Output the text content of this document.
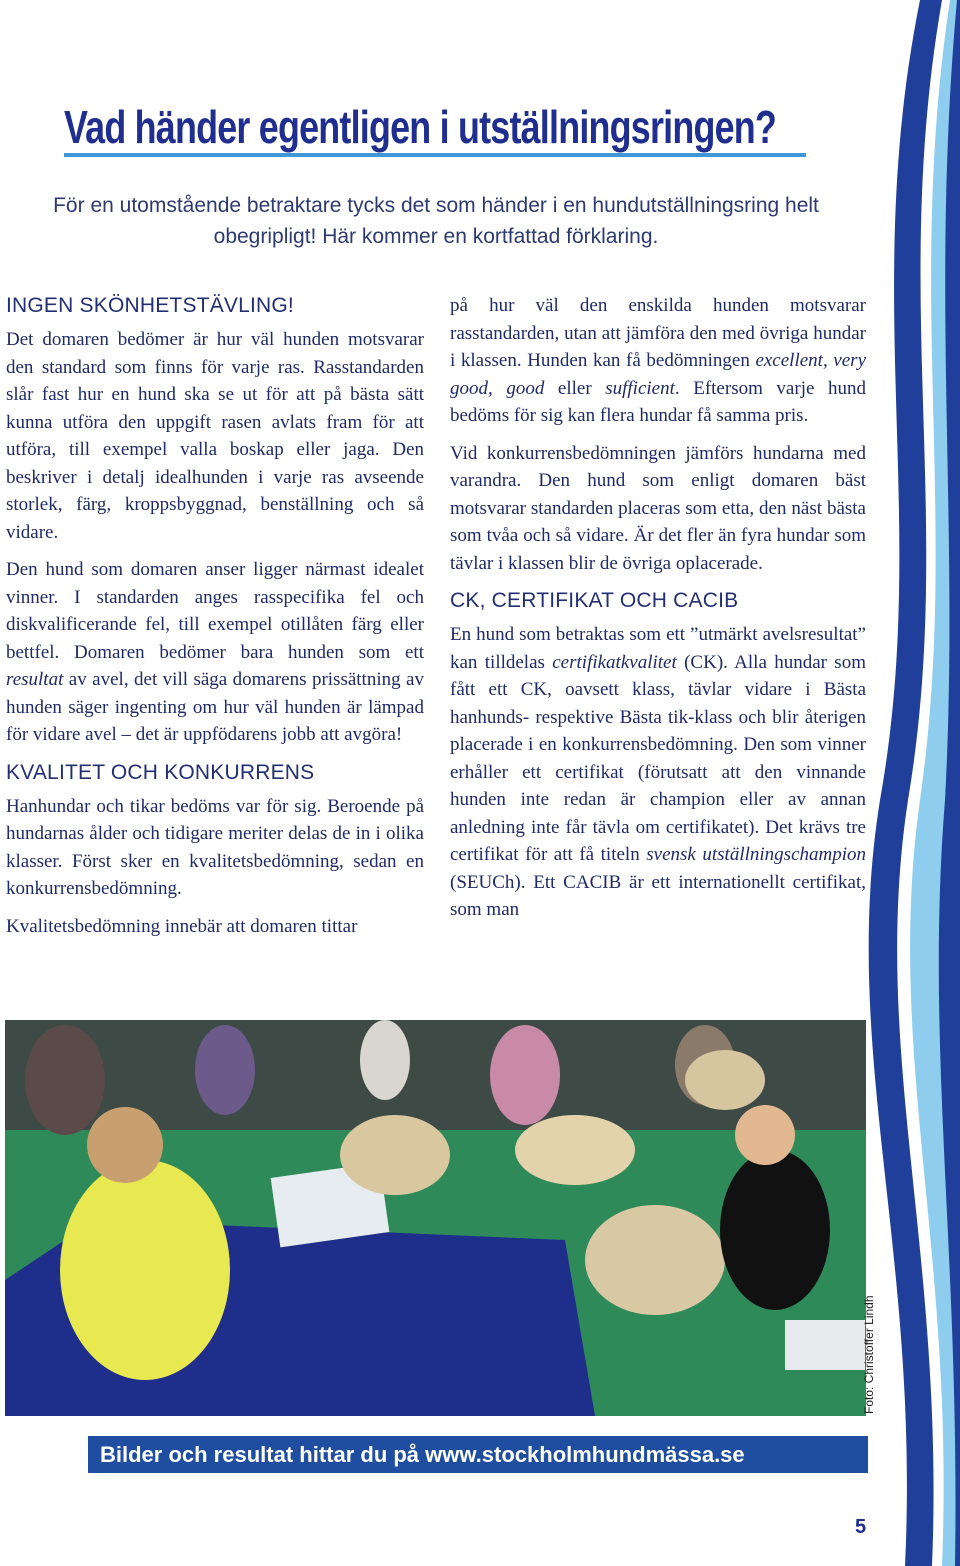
Vad händer egentligen i utställningsringen?

För en utomstående betraktare tycks det som händer i en hundutställningsring helt obegripligt! Här kommer en kortfattad förklaring.

INGEN SKÖNHETSTÄVLING!

Det domaren bedömer är hur väl hunden motsvarar den standard som finns för varje ras. Rasstandarden slår fast hur en hund ska se ut för att på bästa sätt kunna utföra den uppgift rasen avlats fram för att utföra, till exempel valla boskap eller jaga. Den beskriver i detalj idealhunden i varje ras avseende storlek, färg, kroppsbyggnad, benställning och så vidare.

Den hund som domaren anser ligger närmast idealet vinner. I standarden anges rasspecifika fel och diskvalificerande fel, till exempel otillåten färg eller bettfel. Domaren bedömer bara hunden som ett resultat av avel, det vill säga domarens prissättning av hunden säger ingenting om hur väl hunden är lämpad för vidare avel – det är uppfödarens jobb att avgöra!

KVALITET OCH KONKURRENS

Hanhundar och tikar bedöms var för sig. Beroende på hundarnas ålder och tidigare meriter delas de in i olika klasser. Först sker en kvalitetsbedömning, sedan en konkurrensbedömning.

Kvalitetsbedömning innebär att domaren tittar

på hur väl den enskilda hunden motsvarar rasstandarden, utan att jämföra den med övriga hundar i klassen. Hunden kan få bedömningen excellent, very good, good eller sufficient. Eftersom varje hund bedöms för sig kan flera hundar få samma pris.

Vid konkurrensbedömningen jämförs hundarna med varandra. Den hund som enligt domaren bäst motsvarar standarden placeras som etta, den näst bästa som tvåa och så vidare. Är det fler än fyra hundar som tävlar i klassen blir de övriga oplacerade.

CK, CERTIFIKAT OCH CACIB

En hund som betraktas som ett ”utmärkt avelsresultat” kan tilldelas certifikatkvalitet (CK). Alla hundar som fått ett CK, oavsett klass, tävlar vidare i Bästa hanhunds- respektive Bästa tik-klass och blir återigen placerade i en konkurrensbedömning. Den som vinner erhåller ett certifikat (förutsatt att den vinnande hunden inte redan är champion eller av annan anledning inte får tävla om certifikatet). Det krävs tre certifikat för att få titeln svensk utställningschampion (SEUCh). Ett CACIB är ett internationellt certifikat, som man

Foto: Christoffer Lindh
Bilder och resultat hittar du på www.stockholmhundmässa.se
5
